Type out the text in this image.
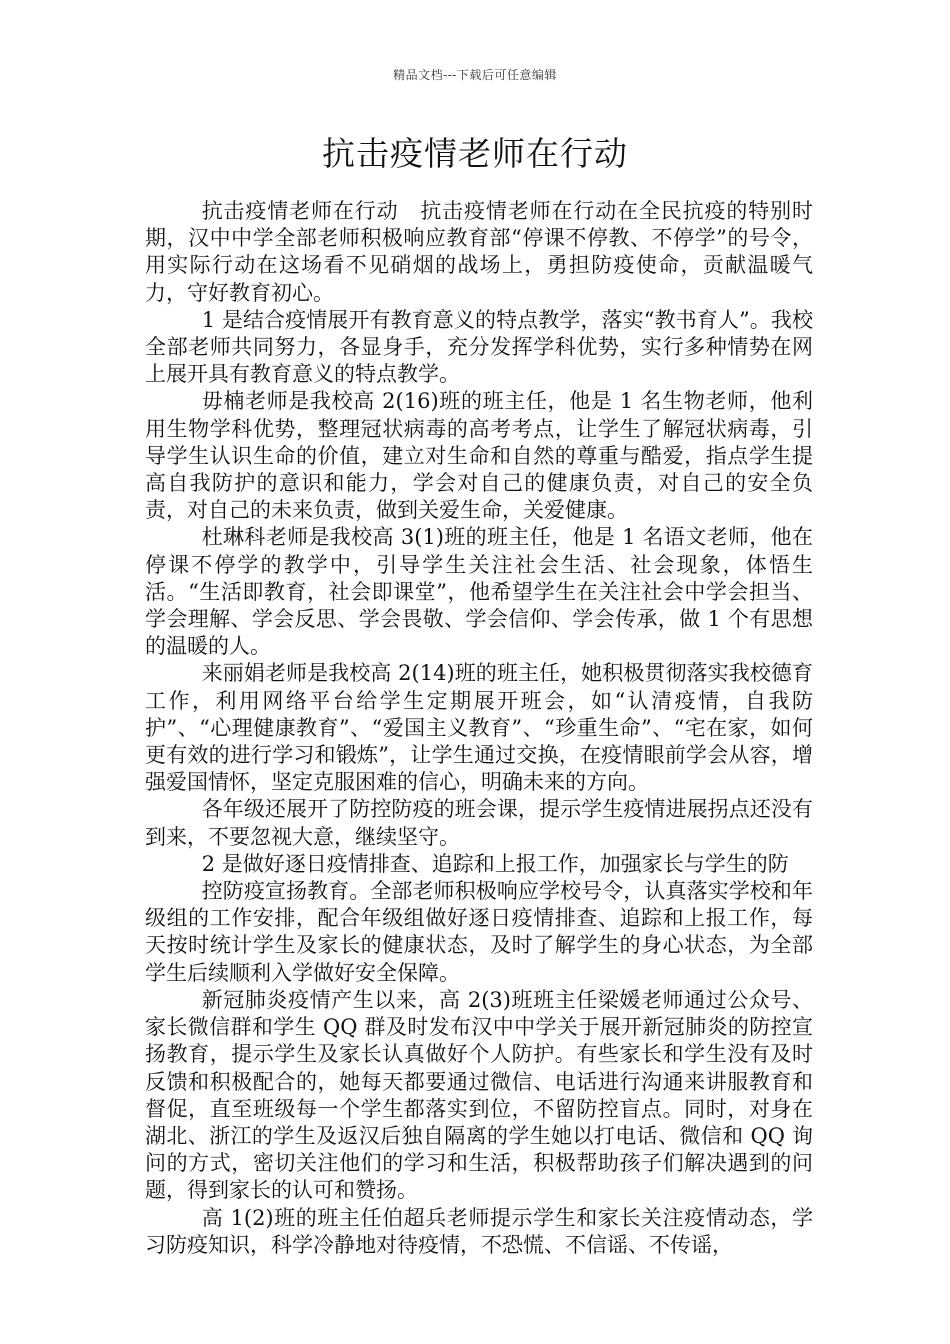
精品文档---下载后可任意编辑
抗击疫情老师在行动

抗击疫情老师在行动　抗击疫情老师在行动在全民抗疫的特别时期，汉中中学全部老师积极响应教育部“停课不停教、不停学”的号令，用实际行动在这场看不见硝烟的战场上，勇担防疫使命，贡献温暖气力，守好教育初心。

1 是结合疫情展开有教育意义的特点教学，落实“教书育人”。我校全部老师共同努力，各显身手，充分发挥学科优势，实行多种情势在网上展开具有教育意义的特点教学。

毋楠老师是我校高 2(16)班的班主任，他是 1 名生物老师，他利用生物学科优势，整理冠状病毒的高考考点，让学生了解冠状病毒，引导学生认识生命的价值，建立对生命和自然的尊重与酷爱，指点学生提高自我防护的意识和能力，学会对自己的健康负责，对自己的安全负责，对自己的未来负责，做到关爱生命，关爱健康。

杜琳科老师是我校高 3(1)班的班主任，他是 1 名语文老师，他在停课不停学的教学中，引导学生关注社会生活、社会现象，体悟生活。“生活即教育，社会即课堂”，他希望学生在关注社会中学会担当、学会理解、学会反思、学会畏敬、学会信仰、学会传承，做 1 个有思想的温暖的人。

来丽娟老师是我校高 2(14)班的班主任，她积极贯彻落实我校德育工作，利用网络平台给学生定期展开班会，如“认清疫情，自我防护”、“心理健康教育”、“爱国主义教育”、“珍重生命”、“宅在家，如何更有效的进行学习和锻炼”，让学生通过交换，在疫情眼前学会从容，增强爱国情怀，坚定克服困难的信心，明确未来的方向。

各年级还展开了防控防疫的班会课，提示学生疫情进展拐点还没有到来，不要忽视大意，继续坚守。

2 是做好逐日疫情排查、追踪和上报工作，加强家长与学生的防

控防疫宣扬教育。全部老师积极响应学校号令，认真落实学校和年级组的工作安排，配合年级组做好逐日疫情排查、追踪和上报工作，每天按时统计学生及家长的健康状态，及时了解学生的身心状态，为全部学生后续顺利入学做好安全保障。

新冠肺炎疫情产生以来，高 2(3)班班主任梁媛老师通过公众号、家长微信群和学生 QQ 群及时发布汉中中学关于展开新冠肺炎的防控宣扬教育，提示学生及家长认真做好个人防护。有些家长和学生没有及时反馈和积极配合的，她每天都要通过微信、电话进行沟通来讲服教育和督促，直至班级每一个学生都落实到位，不留防控盲点。同时，对身在湖北、浙江的学生及返汉后独自隔离的学生她以打电话、微信和 QQ 询问的方式，密切关注他们的学习和生活，积极帮助孩子们解决遇到的问题，得到家长的认可和赞扬。

高 1(2)班的班主任伯超兵老师提示学生和家长关注疫情动态，学习防疫知识，科学冷静地对待疫情，不恐慌、不信谣、不传谣，
